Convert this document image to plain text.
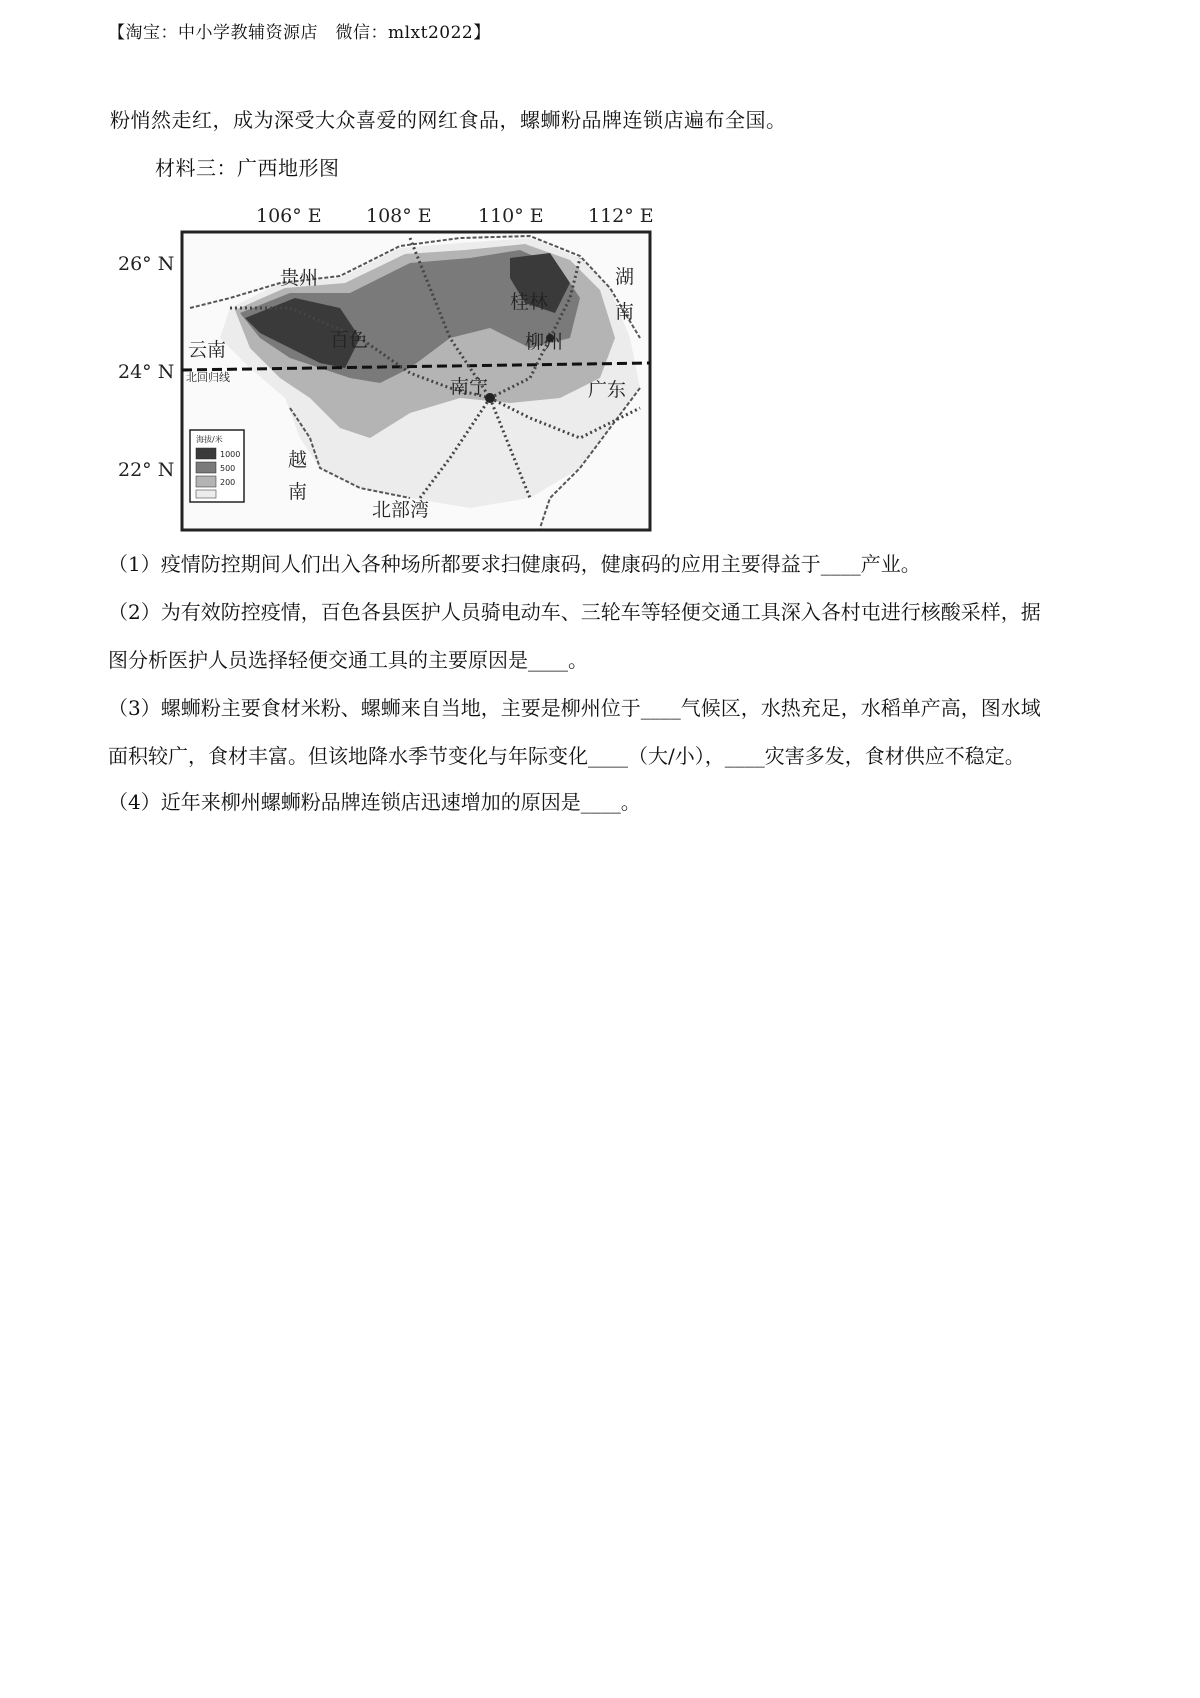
【淘宝：中小学教辅资源店　微信：mlxt2022】
粉悄然走红，成为深受大众喜爱的网红食品，螺蛳粉品牌连锁店遍布全国。
材料三：广西地形图
106° E 108° E 110° E 112° E
26° N
24° N
22° N
贵州	湖
南
云南	百色
桂林
柳州
北回归线	南宁	广东
越
南
北部湾
海拔/米
1000
500
200
（1）疫情防控期间人们出入各种场所都要求扫健康码，健康码的应用主要得益于____产业。
（2）为有效防控疫情，百色各县医护人员骑电动车、三轮车等轻便交通工具深入各村屯进行核酸采样，据
图分析医护人员选择轻便交通工具的主要原因是____。
（3）螺蛳粉主要食材米粉、螺蛳来自当地，主要是柳州位于____气候区，水热充足，水稻单产高，图水域
面积较广，食材丰富。但该地降水季节变化与年际变化____（大/小），____灾害多发，食材供应不稳定。
（4）近年来柳州螺蛳粉品牌连锁店迅速增加的原因是____。
